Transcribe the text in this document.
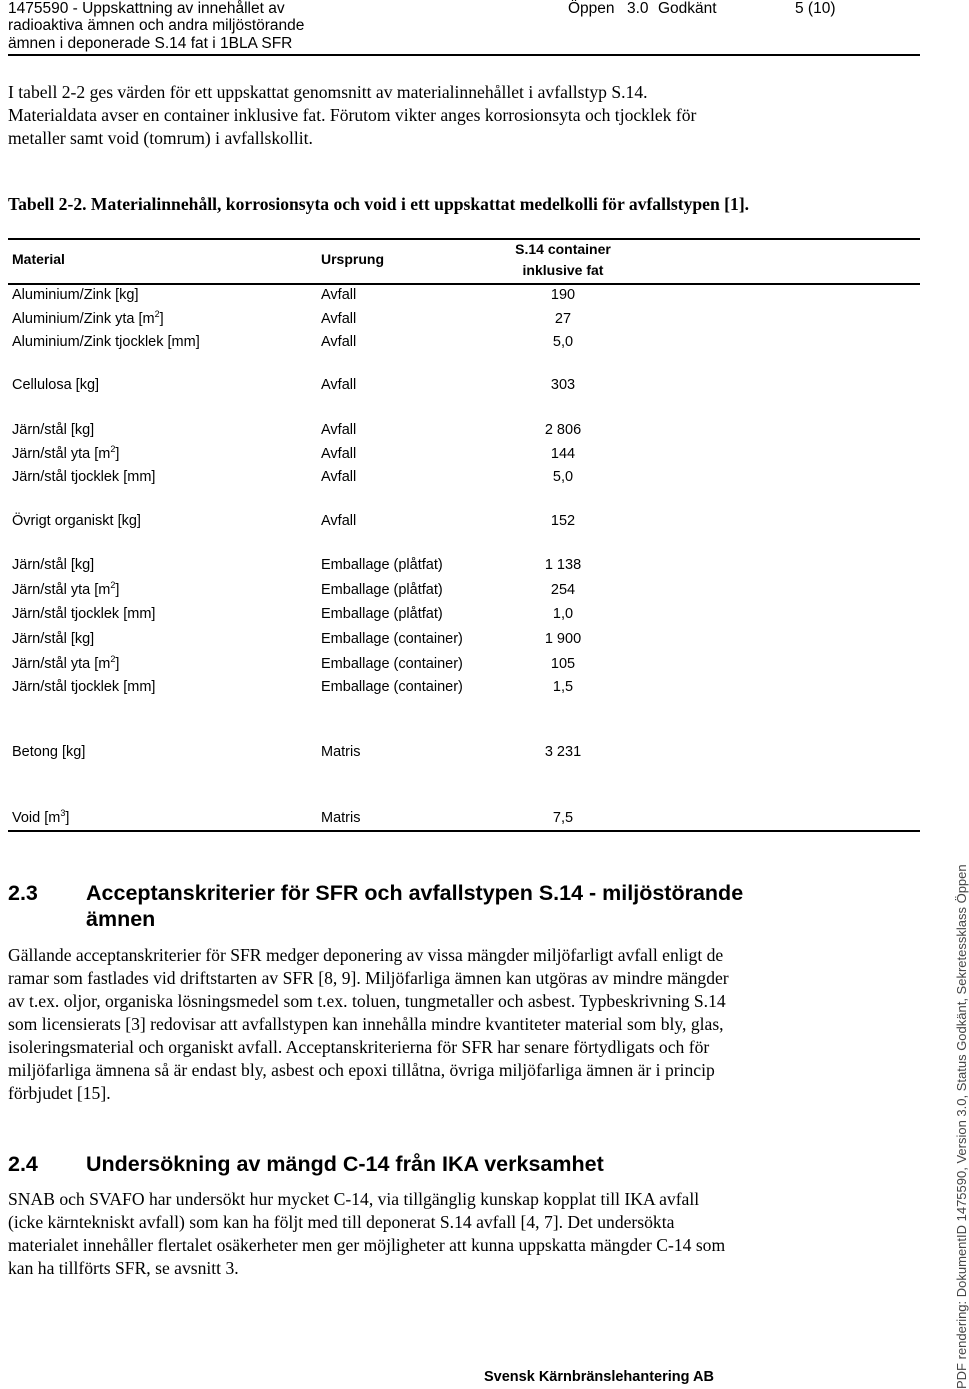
1475590 - Uppskattning av innehållet av
radioaktiva ämnen och andra miljöstörande
ämnen i deponerade S.14 fat i 1BLA SFR
Öppen 3.0 Godkänt	5 (10)
I tabell 2-2 ges värden för ett uppskattat genomsnitt av materialinnehållet i avfallstyp S.14.
Materialdata avser en container inklusive fat. Förutom vikter anges korrosionsyta och tjocklek för
metaller samt void (tomrum) i avfallskollit.
Tabell 2-2. Materialinnehåll, korrosionsyta och void i ett uppskattat medelkolli för avfallstypen [1].
Material	Ursprung
S.14 container
inklusive fat
Aluminium/Zink [kg]	Avfall	190
Aluminium/Zink yta $[m^2]$	Avfall	27
Aluminium/Zink tjocklek [mm]	Avfall	5,0
Cellulosa [kg]	Avfall	303
Järn/stål [kg]	Avfall	2 806
Järn/stål yta $[m^2]$	Avfall	144
Järn/stål tjocklek [mm]	Avfall	5,0
Övrigt organiskt [kg]	Avfall	152
Järn/stål [kg]	Emballage (plåtfat)	1 138
Järn/stål yta $[m^2]$	Emballage (plåtfat)	254
Järn/stål tjocklek [mm]	Emballage (plåtfat)	1,0
Järn/stål [kg]	Emballage (container)	1 900
Järn/stål yta $[m^2]$	Emballage (container)	105
Järn/stål tjocklek [mm]	Emballage (container)	1,5
Betong [kg]	Matris	3 231
Void $[m^3]$	Matris	7,5
2.3 Acceptanskriterier för SFR och avfallstypen S.14 - miljöstörande
ämnen
Gällande acceptanskriterier för SFR medger deponering av vissa mängder miljöfarligt avfall enligt de
ramar som fastlades vid driftstarten av SFR [8, 9]. Miljöfarliga ämnen kan utgöras av mindre mängder
av t.ex. oljor, organiska lösningsmedel som t.ex. toluen, tungmetaller och asbest. Typbeskrivning S.14
som licensierats [3] redovisar att avfallstypen kan innehålla mindre kvantiteter material som bly, glas,
isoleringsmaterial och organiskt avfall. Acceptanskriterierna för SFR har senare förtydligats och för
miljöfarliga ämnena så är endast bly, asbest och epoxi tillåtna, övriga miljöfarliga ämnen är i princip
förbjudet [15].
2.4 Undersökning av mängd C-14 från IKA verksamhet
SNAB och SVAFO har undersökt hur mycket C-14, via tillgänglig kunskap kopplat till IKA avfall
(icke kärntekniskt avfall) som kan ha följt med till deponerat S.14 avfall [4, 7]. Det undersökta
materialet innehåller flertalet osäkerheter men ger möjligheter att kunna uppskatta mängder C-14 som
kan ha tillförts SFR, se avsnitt 3.
Svensk Kärnbränslehantering AB	PDF rendering: DokumentID 1475590, Version 3.0, Status Godkänt, Sekretessklass Öppen
